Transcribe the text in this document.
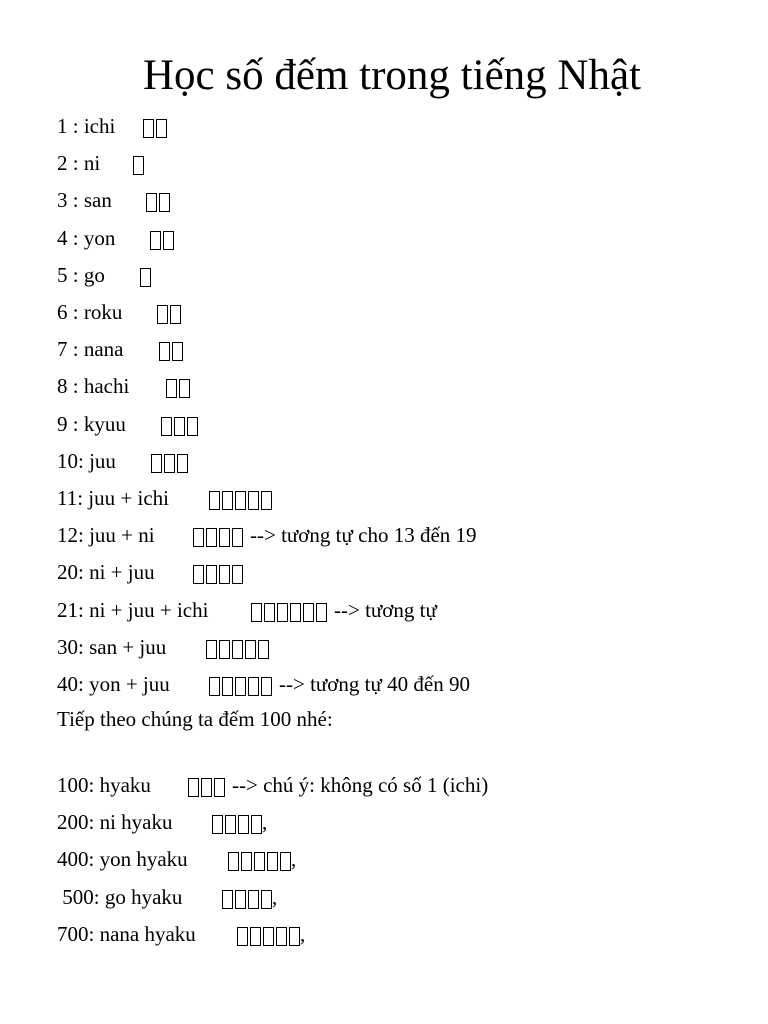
Học số đếm trong tiếng Nhật
1 : ichi
2 : ni
3 : san
4 : yon
5 : go
6 : roku
7 : nana
8 : hachi
9 : kyuu
10: juu
11: juu + ichi
12: juu + ni	--> tương tự cho 13 đến 19
20: ni + juu
21: ni + juu + ichi	--> tương tự
30: san + juu
40: yon + juu	--> tương tự 40 đến 90
Tiếp theo chúng ta đếm 100 nhé:
100: hyaku	--> chú ý: không có số 1 (ichi)
200: ni hyaku	,
400: yon hyaku	,
500: go hyaku	,
700: nana hyaku	,
